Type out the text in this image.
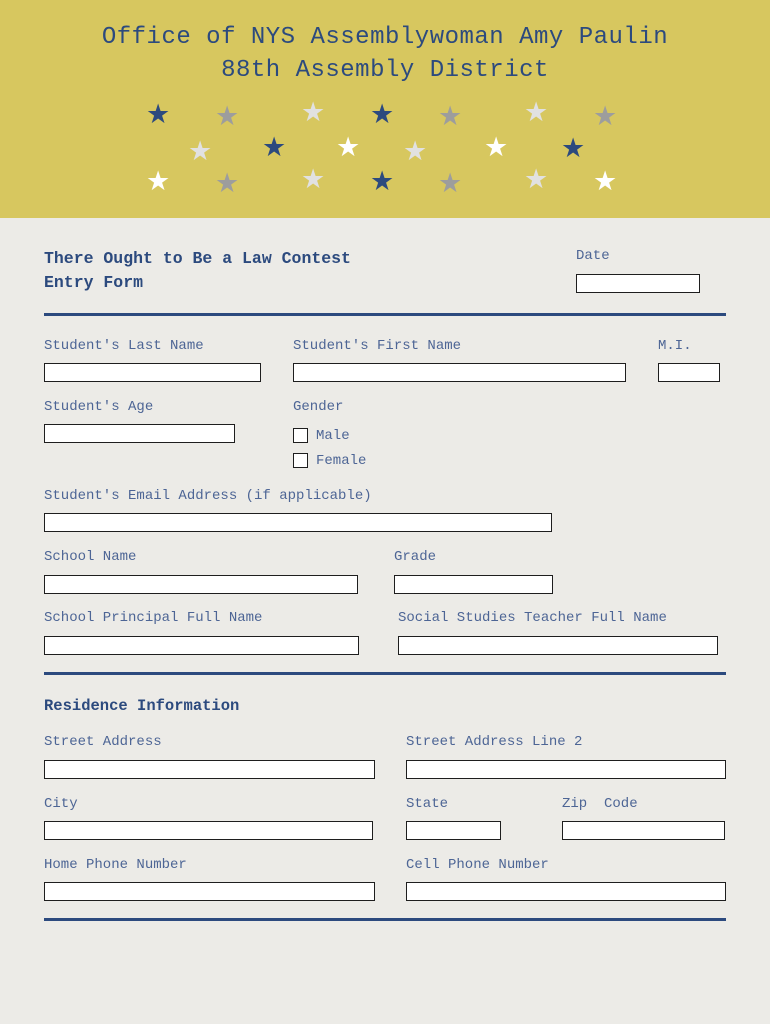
Office of NYS Assemblywoman Amy Paulin
88th Assembly District
★ ★ ★ ★ ★ ★ ★
★ ★ ★ ★ ★ ★
★ ★ ★ ★ ★ ★ ★
There Ought to Be a Law Contest
Entry Form
Date
Student's Last Name	Student's First Name	M.I.
Student's Age	Gender
Male
Female
Student's Email Address (if applicable)
School Name	Grade
School Principal Full Name	Social Studies Teacher Full Name
Residence Information
Street Address	Street Address Line 2
City	State	Zip  Code
Home Phone Number	Cell Phone Number
